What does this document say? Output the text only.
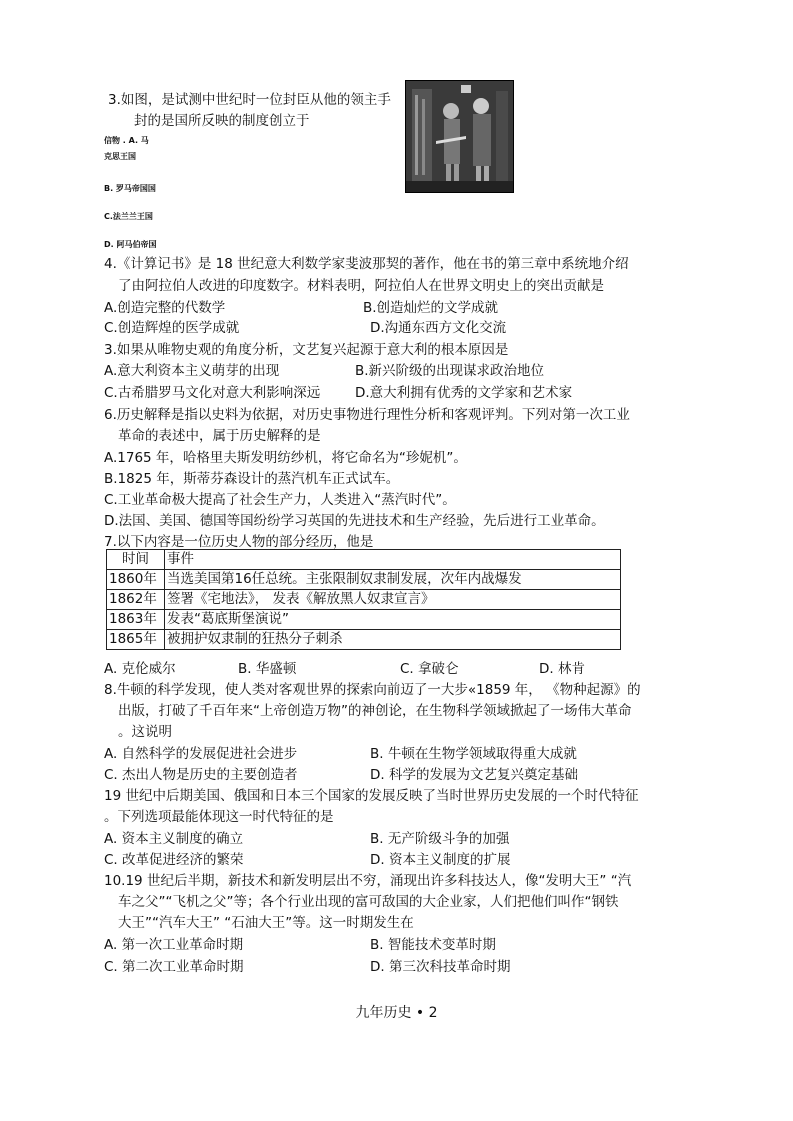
3.如图，是试测中世纪时一位封臣从他的领主手
封的是国所反映的制度创立于
信物 . A. 马
克思王国
B. 罗马帝国国
C.法兰兰王国
D. 阿马伯帝国
4.《计算记书》是 18 世纪意大利数学家斐波那契的著作，他在书的第三章中系统地介绍
了由阿拉伯人改进的印度数字。材料表明，阿拉伯人在世界文明史上的突出贡献是
A.创造完整的代数学	B.创造灿烂的文学成就
C.创造辉煌的医学成就	D.沟通东西方文化交流
3.如果从唯物史观的角度分析，文艺复兴起源于意大利的根本原因是
A.意大利资本主义萌芽的出现	B.新兴阶级的出现谋求政治地位
C.古希腊罗马文化对意大利影响深远	D.意大利拥有优秀的文学家和艺术家
6.历史解释是指以史料为依据，对历史事物进行理性分析和客观评判。下列对第一次工业
革命的表述中，属于历史解释的是
A.1765 年，哈格里夫斯发明纺纱机，将它命名为“珍妮机”。
B.1825 年，斯蒂芬森设计的蒸汽机车正式试车。
C.工业革命极大提高了社会生产力，人类进入“蒸汽时代”。
D.法国、美国、德国等国纷纷学习英国的先进技术和生产经验，先后进行工业革命。
7.以下内容是一位历史人物的部分经历，他是
时间	事件
1860年	当选美国第16任总统。主张限制奴隶制发展，次年内战爆发
1862年	签署《宅地法》， 发表《解放黑人奴隶宣言》
1863年	发表“葛底斯堡演说”
1865年	被拥护奴隶制的狂热分子刺杀
A. 克伦威尔	B. 华盛顿	C. 拿破仑	D. 林肯
8.牛顿的科学发现，使人类对客观世界的探索向前迈了一大步«1859 年， 《物种起源》的
出版，打破了千百年来“上帝创造万物”的神创论，在生物科学领域掀起了一场伟大革命
。这说明
A. 自然科学的发展促进社会进步	B. 牛顿在生物学领域取得重大成就
C. 杰出人物是历史的主要创造者	D. 科学的发展为文艺复兴奠定基础
19 世纪中后期美国、俄国和日本三个国家的发展反映了当时世界历史发展的一个时代特征
。下列选项最能体现这一时代特征的是
A. 资本主义制度的确立	B. 无产阶级斗争的加强
C. 改革促进经济的繁荣	D. 资本主义制度的扩展
10.19 世纪后半期，新技术和新发明层出不穷，涌现出许多科技达人，像“发明大王” “汽
车之父”“飞机之父”等；各个行业出现的富可敌国的大企业家，人们把他们叫作“钢铁
大王”“汽车大王” “石油大王”等。这一时期发生在
A. 第一次工业革命时期	B. 智能技术变革时期
C. 第二次工业革命时期	D. 第三次科技革命时期
九年历史 • 2
